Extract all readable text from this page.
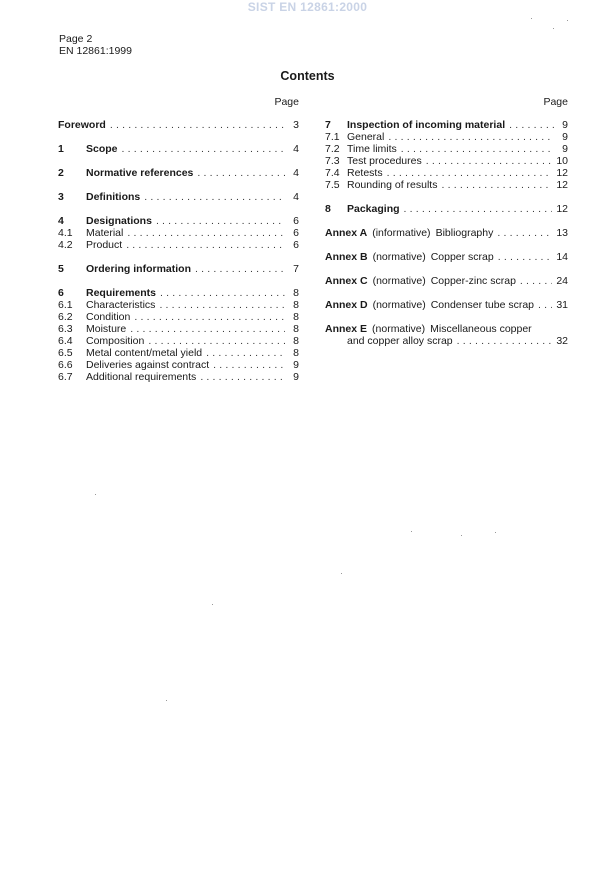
SIST EN 12861:2000
Page 2
EN 12861:1999
Contents
Page
Foreword .....	3
1	Scope .....	4
2	Normative references .....	4
3	Definitions .....	4
4	Designations .....	6
4.1	Material .....	6
4.2	Product .....	6
5	Ordering information .....	7
6	Requirements .....	8
6.1	Characteristics .....	8
6.2	Condition .....	8
6.3	Moisture .....	8
6.4	Composition .....	8
6.5	Metal content/metal yield .....	8
6.6	Deliveries against contract .....	9
6.7	Additional requirements .....	9
Page
7	Inspection of incoming material .....	9
7.1 General .....	9
7.2 Time limits .....	9
7.3 Test procedures .....	10
7.4 Retests .....	12
7.5 Rounding of results .....	12
8	Packaging .....	12
Annex A (informative) Bibliography .....	13
Annex B (normative) Copper scrap .....	14
Annex C (normative) Copper-zinc scrap .....	24
Annex D (normative) Condenser tube scrap ..... 31
Annex E (normative) Miscellaneous copper
and copper alloy scrap .....	32
